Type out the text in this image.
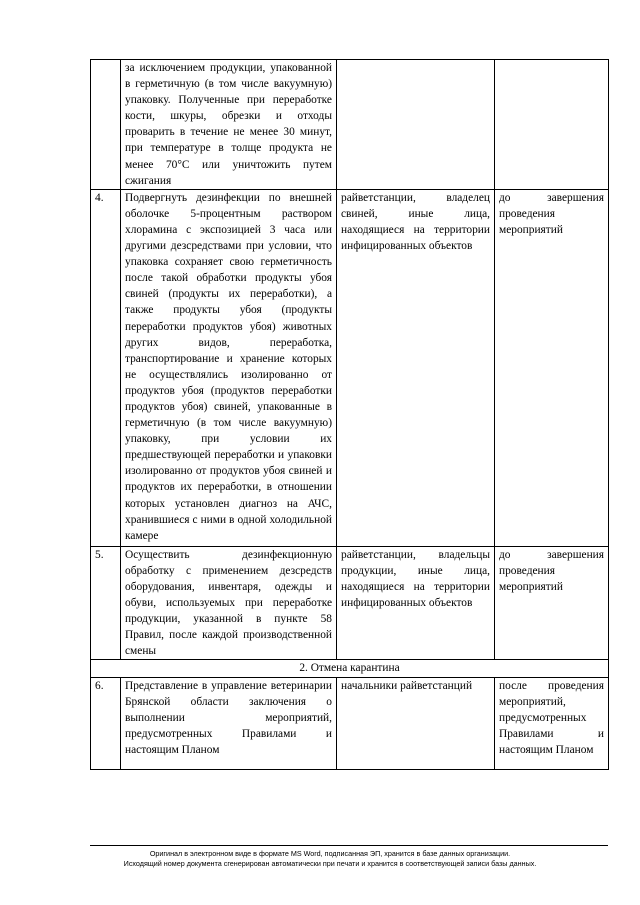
	за исключением продукции, упакованной в герметичную (в том числе вакуумную) упаковку. Полученные при переработке кости, шкуры, обрезки и отходы проварить в течение не менее 30 минут, при температуре в толще продукта не менее 70°С или уничтожить путем сжигания		
4.	Подвергнуть дезинфекции по внешней оболочке 5-процентным раствором хлорамина с экспозицией 3 часа или другими дезсредствами при условии, что упаковка сохраняет свою герметичность после такой обработки продукты убоя свиней (продукты их переработки), а также продукты убоя (продукты переработки продуктов убоя) животных других видов, переработка, транспортирование и хранение которых не осуществлялись изолированно от продуктов убоя (продуктов переработки продуктов убоя) свиней, упакованные в герметичную (в том числе вакуумную) упаковку, при условии их предшествующей переработки и упаковки изолированно от продуктов убоя свиней и продуктов их переработки, в отношении которых установлен диагноз на АЧС, хранившиеся с ними в одной холодильной камере	райветстанции, владелец свиней, иные лица, находящиеся на территории инфицированных объектов	до завершения проведения мероприятий
5.	Осуществить дезинфекционную обработку с применением дезсредств оборудования, инвентаря, одежды и обуви, используемых при переработке продукции, указанной в пункте 58 Правил, после каждой производственной смены	райветстанции, владельцы продукции, иные лица, находящиеся на территории инфицированных объектов	до завершения проведения мероприятий
2. Отмена карантина			
6.	Представление в управление ветеринарии Брянской области заключения о выполнении мероприятий, предусмотренных Правилами и настоящим Планом	начальники райветстанций	после проведения мероприятий, предусмотренных Правилами и настоящим Планом
Оригинал в электронном виде в формате MS Word, подписанная ЭП, хранится в базе данных организации.
Исходящий номер документа сгенерирован автоматически при печати и хранится в соответствующей записи базы данных.
